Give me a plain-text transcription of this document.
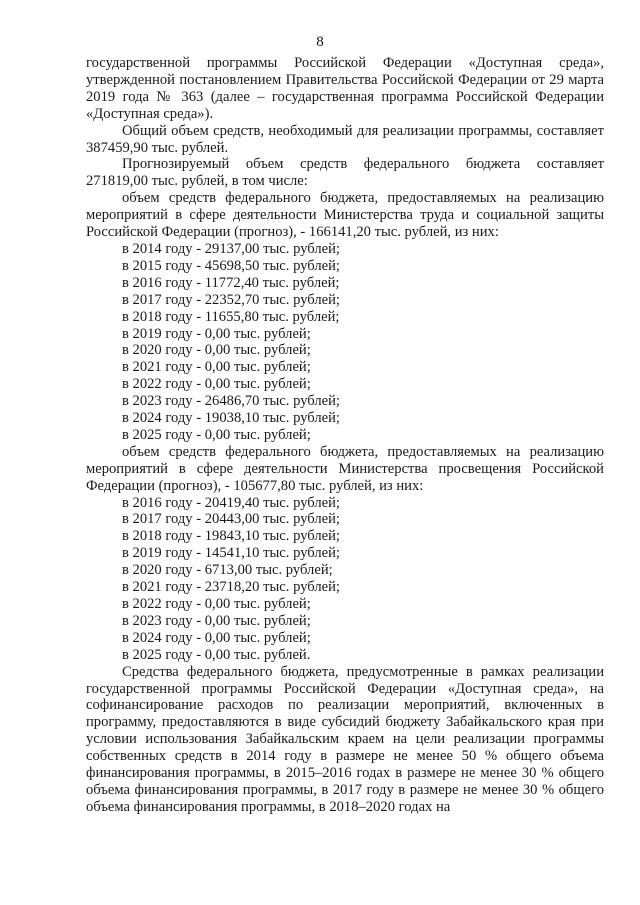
8

государственной программы Российской Федерации «Доступная среда», утвержденной постановлением Правительства Российской Федерации от 29 марта 2019 года № 363 (далее – государственная программа Российской Федерации «Доступная среда»).

Общий объем средств, необходимый для реализации программы, составляет 387459,90 тыс. рублей.

Прогнозируемый объем средств федерального бюджета составляет 271819,00 тыс. рублей, в том числе:

объем средств федерального бюджета, предоставляемых на реализацию мероприятий в сфере деятельности Министерства труда и социальной защиты Российской Федерации (прогноз), - 166141,20 тыс. рублей, из них:

в 2014 году - 29137,00 тыс. рублей;

в 2015 году - 45698,50 тыс. рублей;

в 2016 году - 11772,40 тыс. рублей;

в 2017 году - 22352,70 тыс. рублей;

в 2018 году - 11655,80 тыс. рублей;

в 2019 году - 0,00 тыс. рублей;

в 2020 году - 0,00 тыс. рублей;

в 2021 году - 0,00 тыс. рублей;

в 2022 году - 0,00 тыс. рублей;

в 2023 году - 26486,70 тыс. рублей;

в 2024 году - 19038,10 тыс. рублей;

в 2025 году - 0,00 тыс. рублей;

объем средств федерального бюджета, предоставляемых на реализацию мероприятий в сфере деятельности Министерства просвещения Российской Федерации (прогноз), - 105677,80 тыс. рублей, из них:

в 2016 году - 20419,40 тыс. рублей;

в 2017 году - 20443,00 тыс. рублей;

в 2018 году - 19843,10 тыс. рублей;

в 2019 году - 14541,10 тыс. рублей;

в 2020 году - 6713,00 тыс. рублей;

в 2021 году - 23718,20 тыс. рублей;

в 2022 году - 0,00 тыс. рублей;

в 2023 году - 0,00 тыс. рублей;

в 2024 году - 0,00 тыс. рублей;

в 2025 году - 0,00 тыс. рублей.

Средства федерального бюджета, предусмотренные в рамках реализации государственной программы Российской Федерации «Доступная среда», на софинансирование расходов по реализации мероприятий, включенных в программу, предоставляются в виде субсидий бюджету Забайкальского края при условии использования Забайкальским краем на цели реализации программы собственных средств в 2014 году в размере не менее 50 % общего объема финансирования программы, в 2015–2016 годах в размере не менее 30 % общего объема финансирования программы, в 2017 году в размере не менее 30 % общего объема финансирования программы, в 2018–2020 годах на
